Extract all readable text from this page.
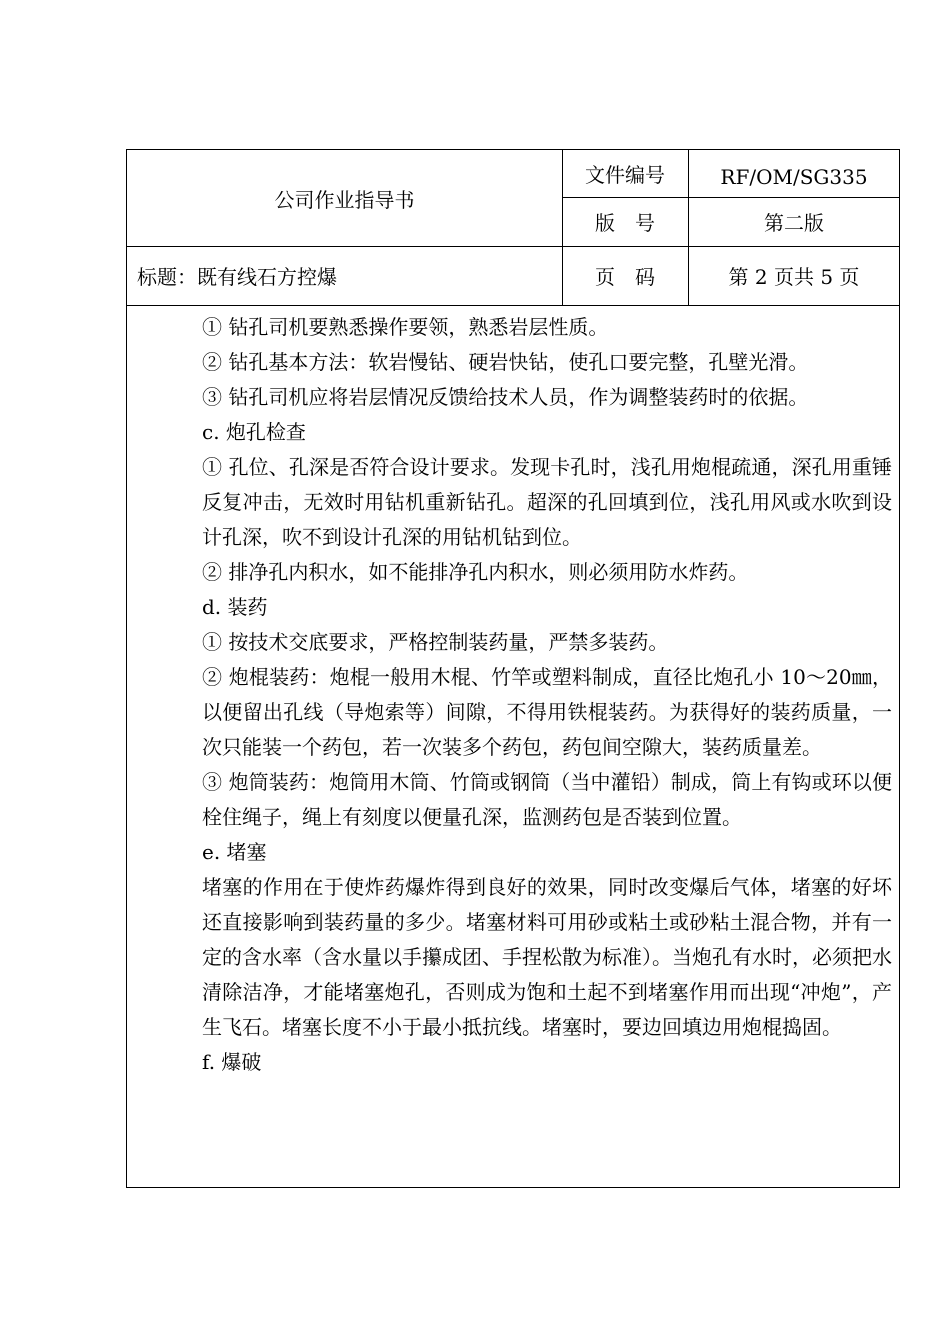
公司作业指导书
文件编号	RF/OM/SG335
版　号	第二版
标题：既有线石方控爆	页　码	第 2 页共 5 页

① 钻孔司机要熟悉操作要领，熟悉岩层性质。

② 钻孔基本方法：软岩慢钻、硬岩快钻，使孔口要完整，孔壁光滑。

③ 钻孔司机应将岩层情况反馈给技术人员，作为调整装药时的依据。

c. 炮孔检查

① 孔位、孔深是否符合设计要求。发现卡孔时，浅孔用炮棍疏通，深孔用重锤反复冲击，无效时用钻机重新钻孔。超深的孔回填到位，浅孔用风或水吹到设计孔深，吹不到设计孔深的用钻机钻到位。

② 排净孔内积水，如不能排净孔内积水，则必须用防水炸药。

d. 装药

① 按技术交底要求，严格控制装药量，严禁多装药。

② 炮棍装药：炮棍一般用木棍、竹竿或塑料制成，直径比炮孔小 10～20㎜，以便留出孔线（导炮索等）间隙，不得用铁棍装药。为获得好的装药质量，一次只能装一个药包，若一次装多个药包，药包间空隙大，装药质量差。

③ 炮筒装药：炮筒用木筒、竹筒或钢筒（当中灌铅）制成，筒上有钩或环以便栓住绳子，绳上有刻度以便量孔深，监测药包是否装到位置。

e. 堵塞

堵塞的作用在于使炸药爆炸得到良好的效果，同时改变爆后气体，堵塞的好坏还直接影响到装药量的多少。堵塞材料可用砂或粘土或砂粘土混合物，并有一定的含水率（含水量以手攥成团、手捏松散为标准）。当炮孔有水时，必须把水清除洁净，才能堵塞炮孔，否则成为饱和土起不到堵塞作用而出现“冲炮”，产生飞石。堵塞长度不小于最小抵抗线。堵塞时，要边回填边用炮棍捣固。

f. 爆破
